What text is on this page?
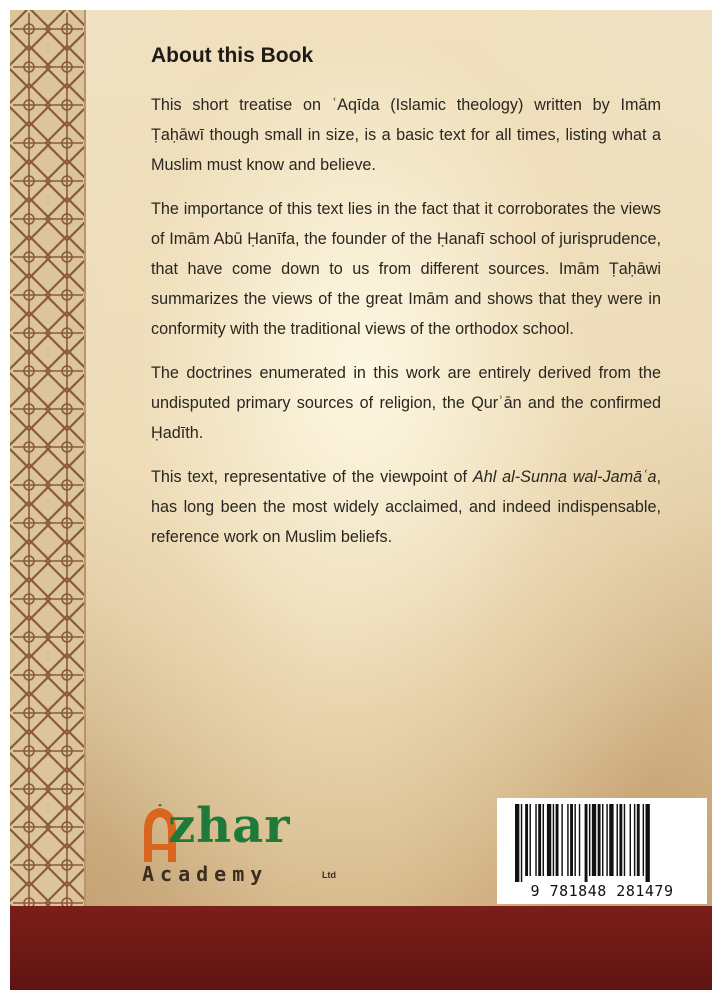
About this Book

This short treatise on ʿAqīda (Islamic theology) written by Imām Ṭaḥāwī though small in size, is a basic text for all times, listing what a Muslim must know and believe.

The importance of this text lies in the fact that it corroborates the views of Imām Abū Ḥanīfa, the founder of the Ḥanafī school of jurisprudence, that have come down to us from different sources. Imām Ṭaḥāwi summarizes the views of the great Imām and shows that they were in conformity with the traditional views of the orthodox school.

The doctrines enumerated in this work are entirely derived from the undisputed primary sources of religion, the Qurʾān and the confirmed Ḥadīth.

This text, representative of the viewpoint of Ahl al-Sunna wal-Jamāʿa, has long been the most widely acclaimed, and indeed indispensable, reference work on Muslim beliefs.

zhar
Academy	Ltd
9 781848 281479
